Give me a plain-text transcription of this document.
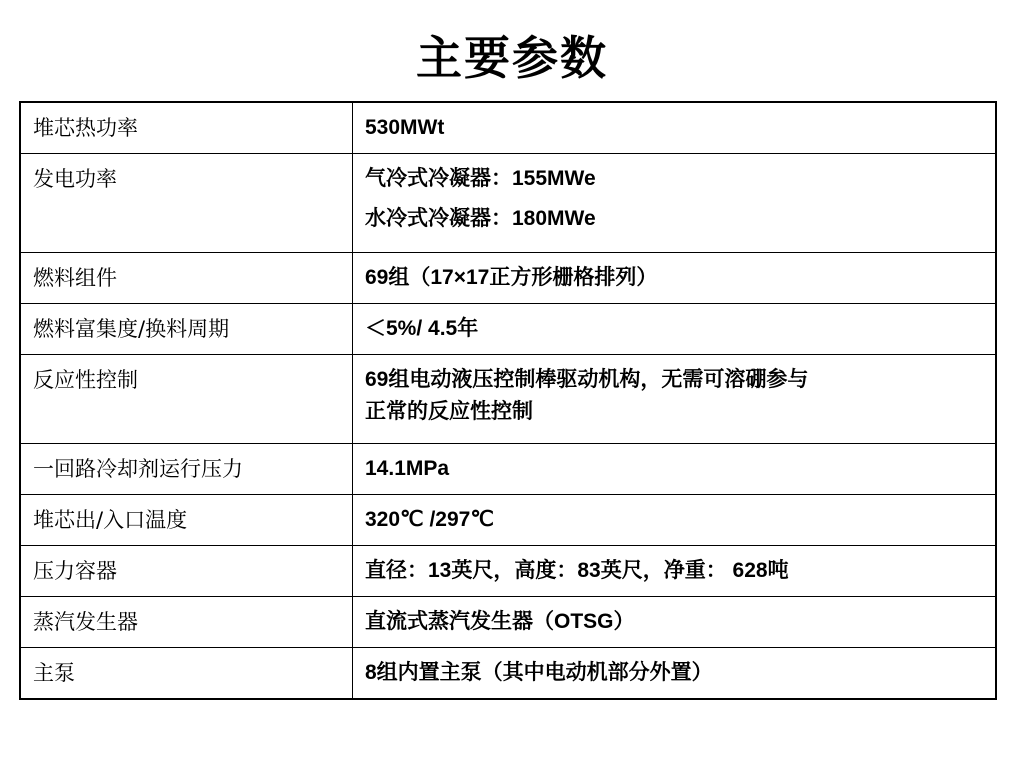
主要参数
堆芯热功率	530MWt

发电功率	气冷式冷凝器：155MWe
水冷式冷凝器：180MWe

燃料组件	69组（17×17正方形栅格排列）

燃料富集度/换料周期	＜5%/ 4.5年

反应性控制	69组电动液压控制棒驱动机构，无需可溶硼参与
正常的反应性控制

一回路冷却剂运行压力	14.1MPa

堆芯出/入口温度	320℃ /297℃

压力容器	直径：13英尺，高度：83英尺，净重： 628吨

蒸汽发生器	直流式蒸汽发生器（OTSG）

主泵	8组内置主泵（其中电动机部分外置）
